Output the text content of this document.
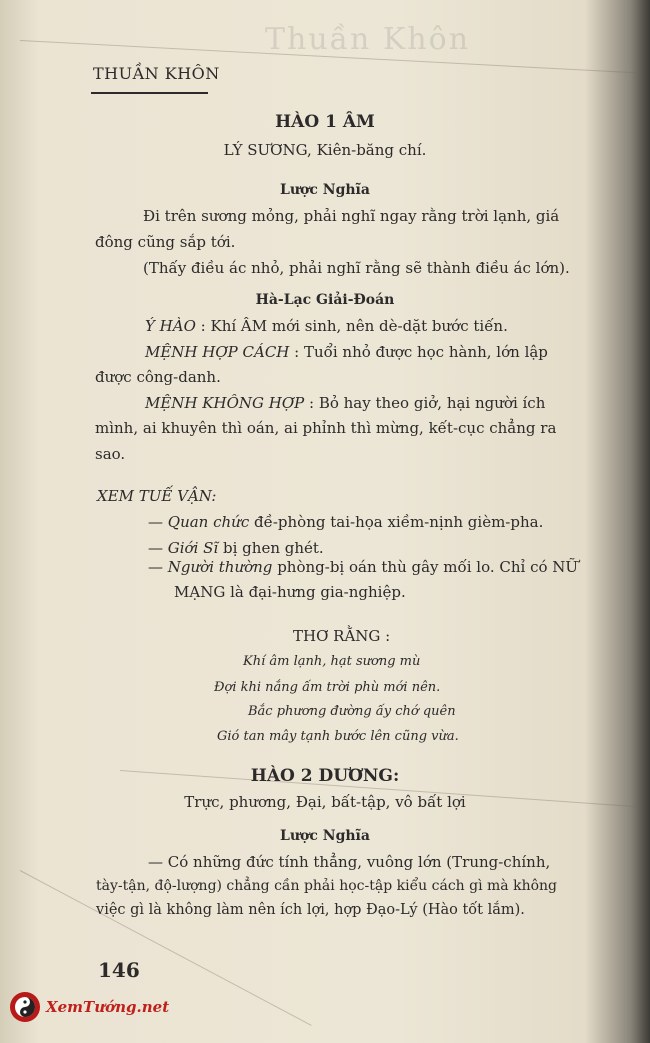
Thuần Khôn
THUẦN KHÔN
HÀO 1 ÂM
LÝ SƯƠNG, Kiên-băng chí.
Lược Nghĩa
Đi trên sương mỏng, phải nghĩ ngay rằng trời lạnh, giá
đông cũng sắp tới.
(Thấy điều ác nhỏ, phải nghĩ rằng sẽ thành điều ác lớn).
Hà-Lạc Giải-Đoán
Ý HÀO : Khí ÂM mới sinh, nên dè-dặt bước tiến.
MỆNH HỢP CÁCH : Tuổi nhỏ được học hành, lớn lập
được công-danh.
MỆNH KHÔNG HỢP : Bỏ hay theo giở, hại người ích
mình, ai khuyên thì oán, ai phỉnh thì mừng, kết-cục chẳng ra
sao.
XEM TUẾ VẬN:
— Quan chức đề-phòng tai-họa xiềm-nịnh gièm-pha.
— Giới Sĩ bị ghen ghét.
— Người thường phòng-bị oán thù gây mối lo. Chỉ có NỮ
MẠNG là đại-hưng gia-nghiệp.
THƠ RẰNG :
Khí âm lạnh, hạt sương mù
Đợi khi nắng ấm trời phù mới nên.
Bắc phương đường ấy chớ quên
Gió tan mây tạnh bước lên cũng vừa.
HÀO 2 DƯƠNG:
Trực, phương, Đại, bất-tập, vô bất lợi
Lược Nghĩa
— Có những đức tính thẳng, vuông lớn (Trung-chính,
tày-tận, độ-lượng) chẳng cần phải học-tập kiểu cách gì mà không
việc gì là không làm nên ích lợi, hợp Đạo-Lý (Hào tốt lắm).
146
XemTướng.net
